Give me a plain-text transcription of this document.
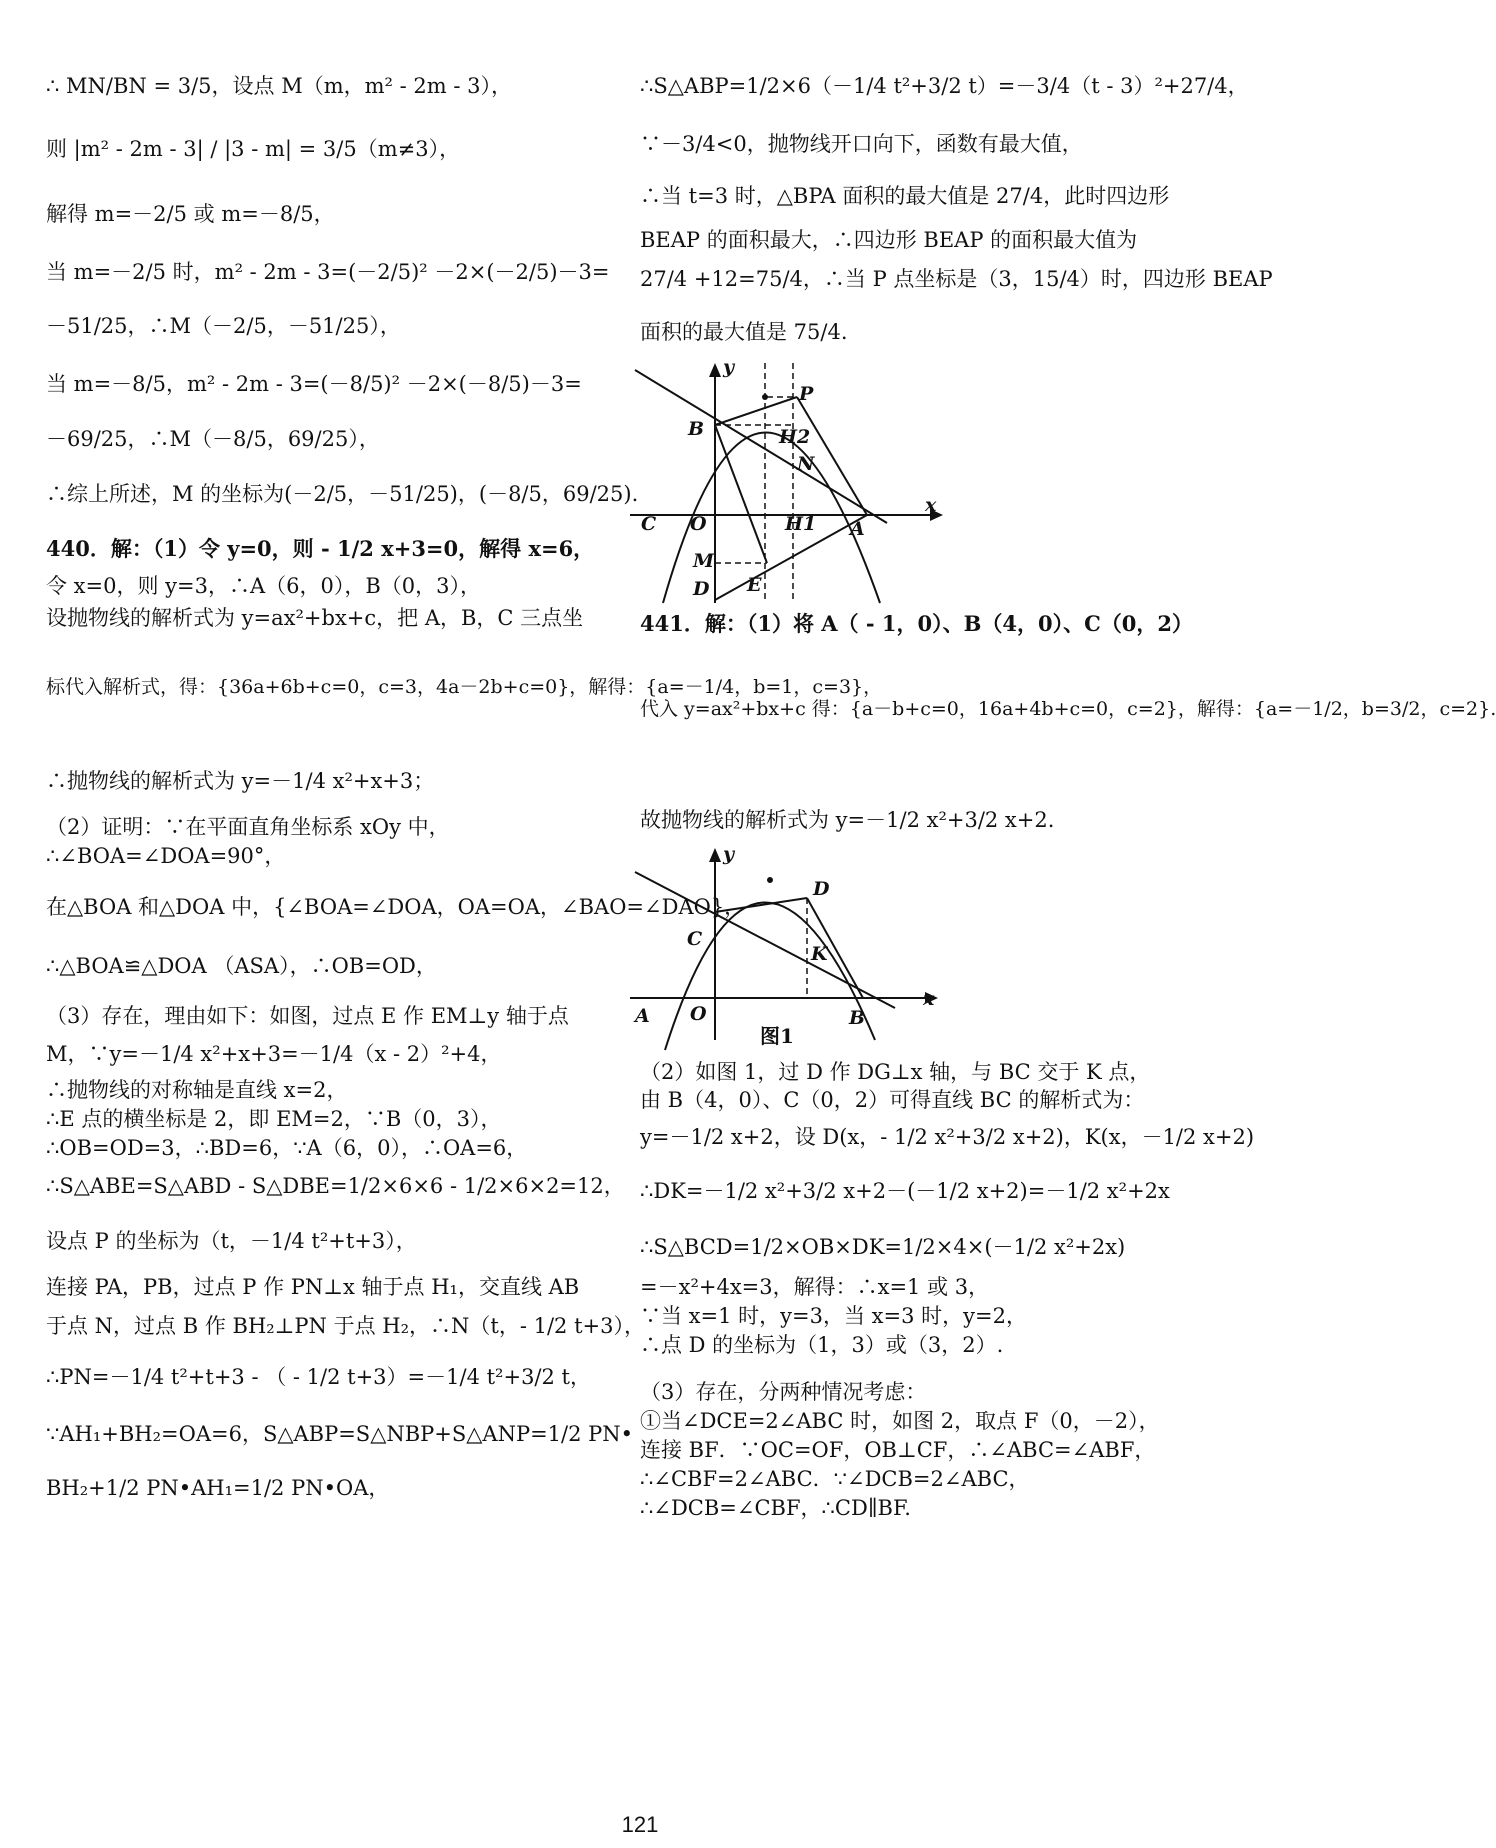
∴ MN/BN = 3/5，设点 M（m，m² - 2m - 3），
则 |m² - 2m - 3| / |3 - m| = 3/5（m≠3），
解得 m=－2/5 或 m=－8/5，
当 m=－2/5 时，m² - 2m - 3=(－2/5)² －2×(－2/5)－3=
－51/25，∴M（－2/5，－51/25），
当 m=－8/5，m² - 2m - 3=(－8/5)² －2×(－8/5)－3=
－69/25，∴M（－8/5，69/25），
∴综上所述，M 的坐标为(－2/5，－51/25)，(－8/5，69/25).
440．解：（1）令 y=0，则 - 1/2 x+3=0，解得 x=6，
令 x=0，则 y=3，∴A（6，0），B（0，3），
设抛物线的解析式为 y=ax²+bx+c，把 A，B，C 三点坐
标代入解析式，得：{36a+6b+c=0，c=3，4a－2b+c=0}，解得：{a=－1/4，b=1，c=3}，
∴抛物线的解析式为 y=－1/4 x²+x+3；
（2）证明：∵在平面直角坐标系 xOy 中，
∴∠BOA=∠DOA=90°，
在△BOA 和△DOA 中，{∠BOA=∠DOA，OA=OA，∠BAO=∠DAO}，
∴△BOA≌△DOA （ASA），∴OB=OD，
（3）存在，理由如下：如图，过点 E 作 EM⊥y 轴于点
M，∵y=－1/4 x²+x+3=－1/4（x - 2）²+4，
∴抛物线的对称轴是直线 x=2，
∴E 点的横坐标是 2，即 EM=2，∵B（0，3），
∴OB=OD=3，∴BD=6，∵A（6，0），∴OA=6，
∴S△ABE=S△ABD - S△DBE=1/2×6×6 - 1/2×6×2=12，
设点 P 的坐标为（t，－1/4 t²+t+3），
连接 PA，PB，过点 P 作 PN⊥x 轴于点 H₁，交直线 AB
于点 N，过点 B 作 BH₂⊥PN 于点 H₂，∴N（t，- 1/2 t+3），
∴PN=－1/4 t²+t+3 - （ - 1/2 t+3）=－1/4 t²+3/2 t，
∵AH₁+BH₂=OA=6，S△ABP=S△NBP+S△ANP=1/2 PN•
BH₂+1/2 PN•AH₁=1/2 PN•OA，
∴S△ABP=1/2×6（－1/4 t²+3/2 t）=－3/4（t - 3）²+27/4，
∵－3/4<0，抛物线开口向下，函数有最大值，
∴当 t=3 时，△BPA 面积的最大值是 27/4，此时四边形
BEAP 的面积最大，∴四边形 BEAP 的面积最大值为
27/4 +12=75/4，∴当 P 点坐标是（3，15/4）时，四边形 BEAP
面积的最大值是 75/4.
y
x
P
B	H2
N
C O	H1 A
M
D E
441．解：（1）将 A（ - 1，0）、B（4，0）、C（0，2）
代入 y=ax²+bx+c 得：{a－b+c=0，16a+4b+c=0，c=2}，解得：{a=－1/2，b=3/2，c=2}.
故抛物线的解析式为 y=－1/2 x²+3/2 x+2.
y
x
D
C
K
A O	B
图1
（2）如图 1，过 D 作 DG⊥x 轴，与 BC 交于 K 点，
由 B（4，0）、C（0，2）可得直线 BC 的解析式为：
y=－1/2 x+2，设 D(x，- 1/2 x²+3/2 x+2)，K(x，－1/2 x+2)
∴DK=－1/2 x²+3/2 x+2－(－1/2 x+2)=－1/2 x²+2x
∴S△BCD=1/2×OB×DK=1/2×4×(－1/2 x²+2x)
=－x²+4x=3，解得：∴x=1 或 3，
∵当 x=1 时，y=3，当 x=3 时，y=2，
∴点 D 的坐标为（1，3）或（3，2）.
（3）存在，分两种情况考虑：
①当∠DCE=2∠ABC 时，如图 2，取点 F（0，－2），
连接 BF．∵OC=OF，OB⊥CF，∴∠ABC=∠ABF，
∴∠CBF=2∠ABC．∵∠DCB=2∠ABC，
∴∠DCB=∠CBF，∴CD∥BF.
121
